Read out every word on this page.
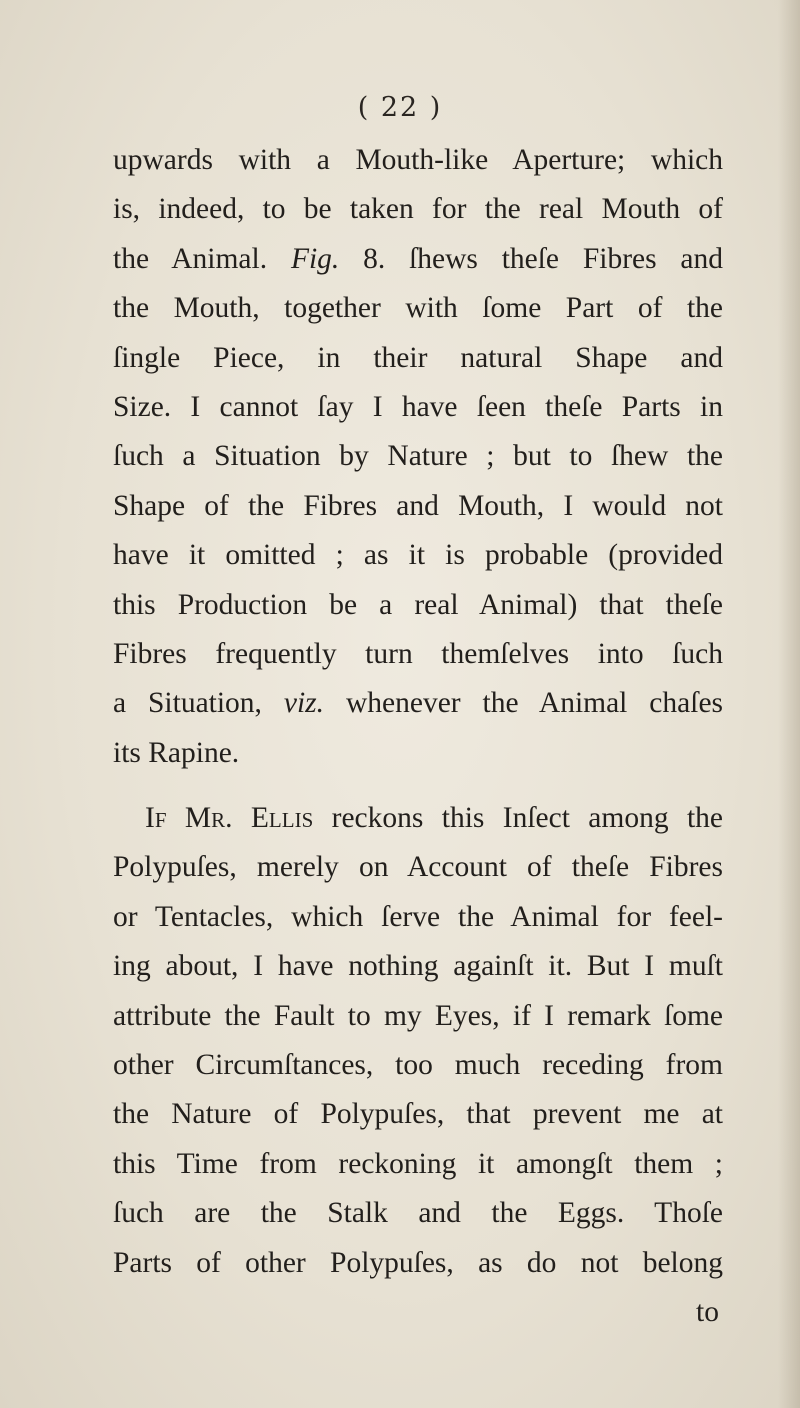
( 22 )
upwards with a Mouth-like Aperture; which
is, indeed, to be taken for the real Mouth of
the Animal. Fig. 8. ſhews theſe Fibres and
the Mouth, together with ſome Part of the
ſingle Piece, in their natural Shape and
Size. I cannot ſay I have ſeen theſe Parts in
ſuch a Situation by Nature ; but to ſhew the
Shape of the Fibres and Mouth, I would not
have it omitted ; as it is probable (provided
this Production be a real Animal) that theſe
Fibres frequently turn themſelves into ſuch
a Situation, viz. whenever the Animal chaſes
its Rapine.
If Mr. Ellis reckons this Inſect among the
Polypuſes, merely on Account of theſe Fibres
or Tentacles, which ſerve the Animal for feel-
ing about, I have nothing againſt it. But I muſt
attribute the Fault to my Eyes, if I remark ſome
other Circumſtances, too much receding from
the Nature of Polypuſes, that prevent me at
this Time from reckoning it amongſt them ;
ſuch are the Stalk and the Eggs. Thoſe
Parts of other Polypuſes, as do not belong
to
